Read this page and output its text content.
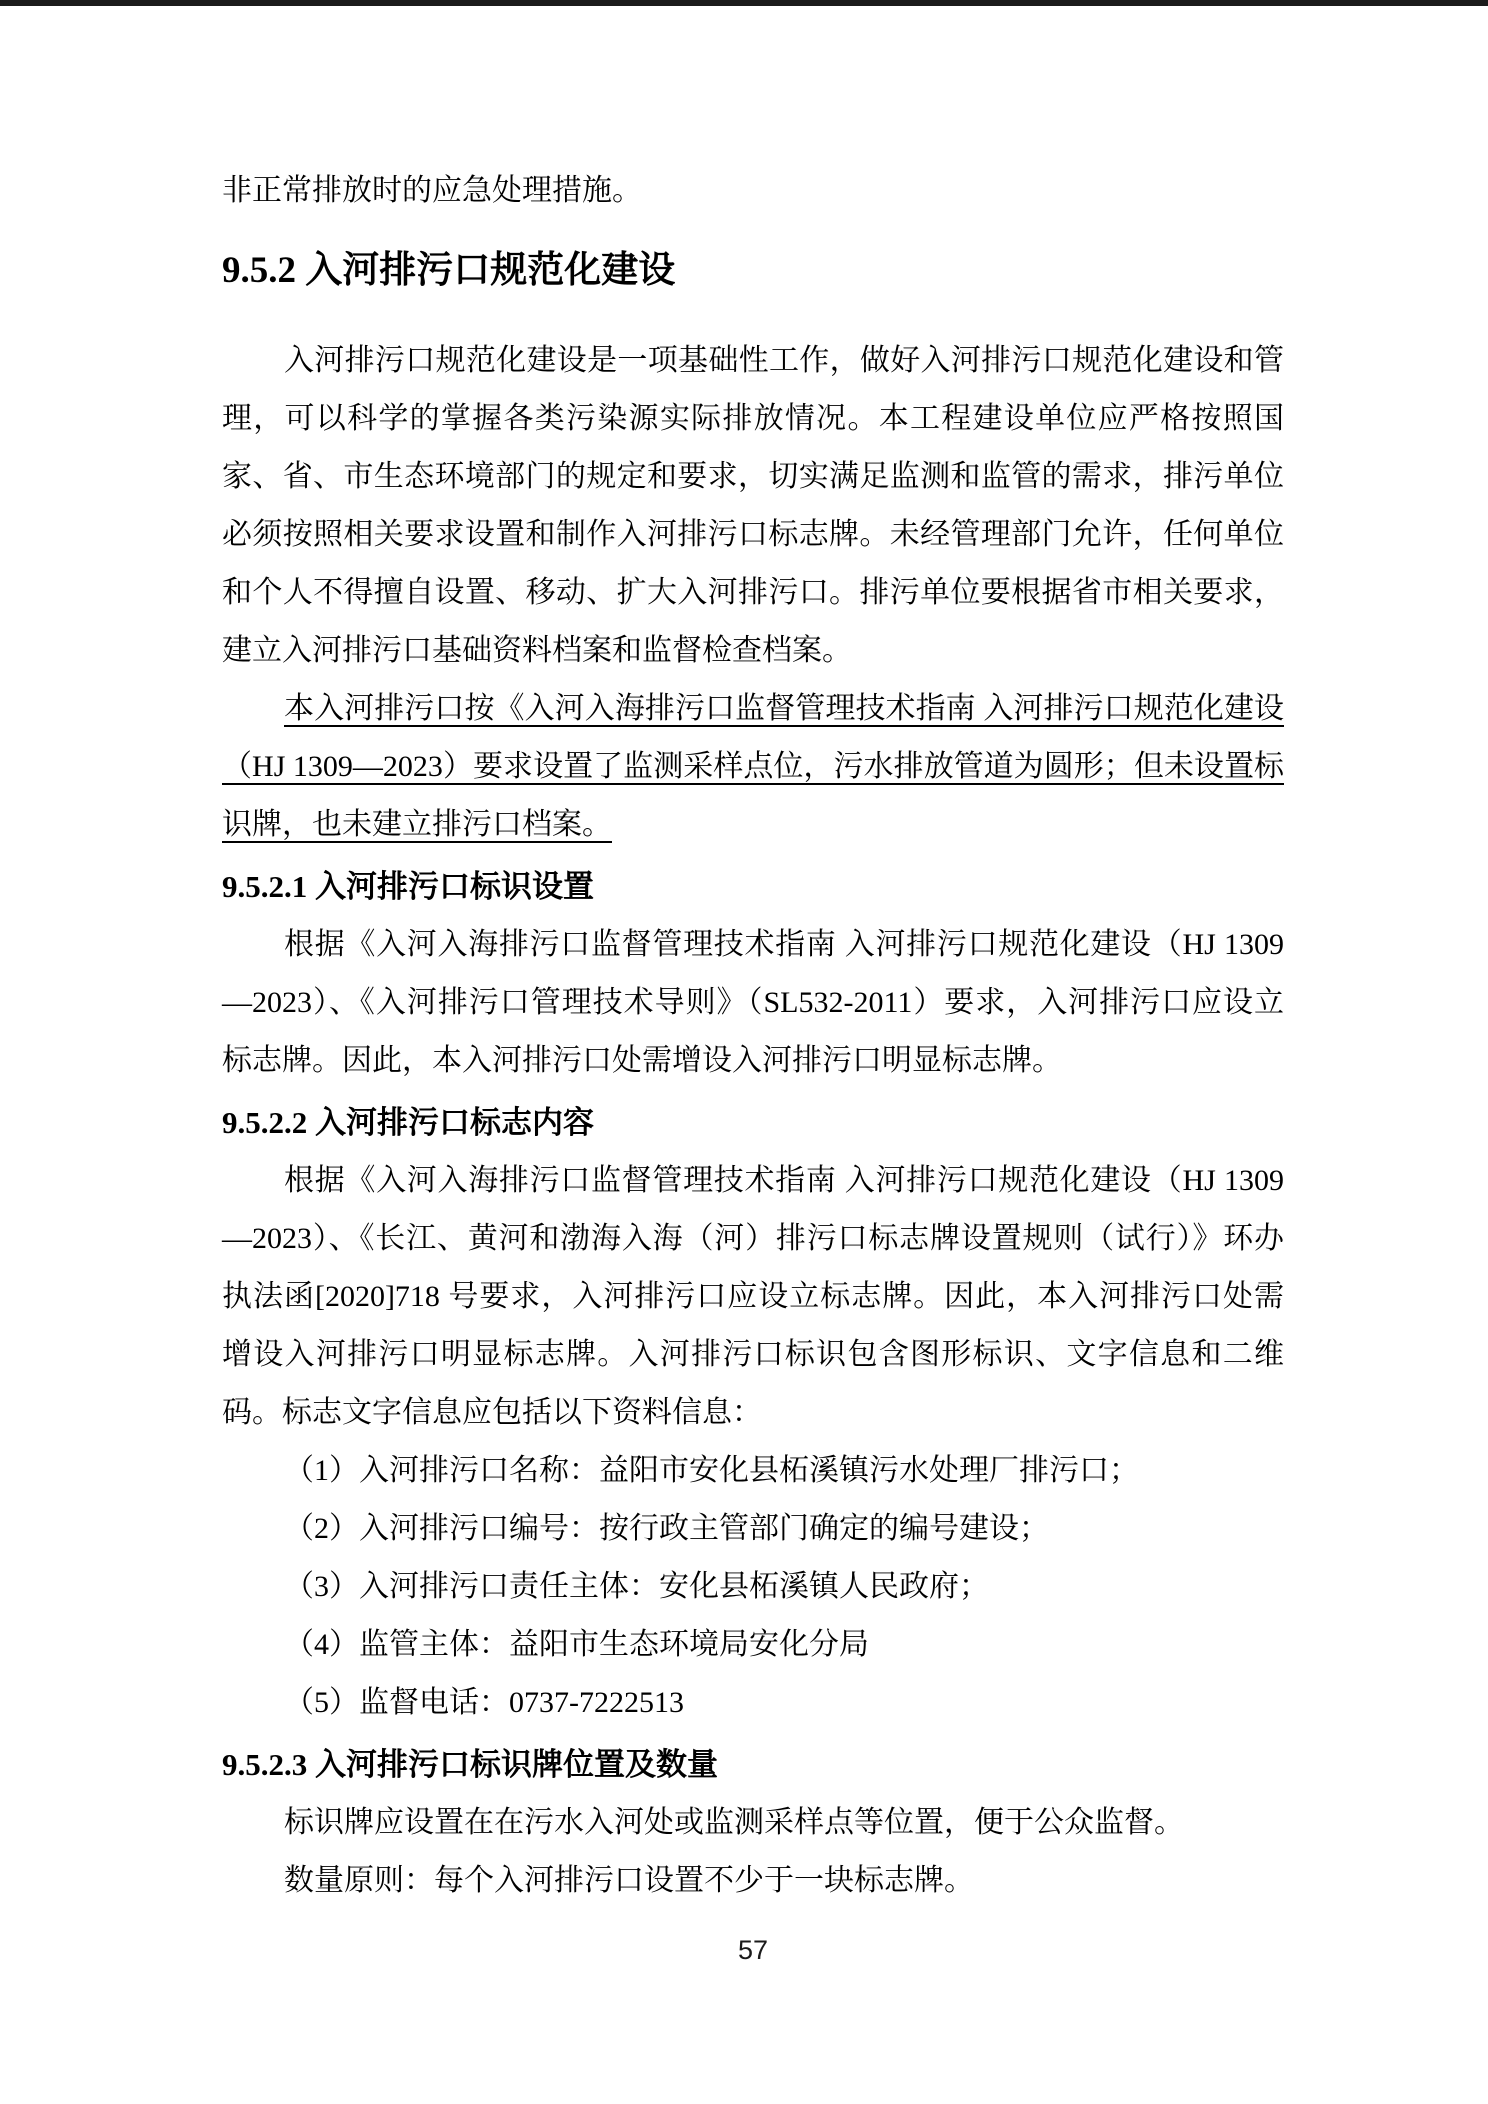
非正常排放时的应急处理措施。

9.5.2 入河排污口规范化建设

入河排污口规范化建设是一项基础性工作，做好入河排污口规范化建设和管理，可以科学的掌握各类污染源实际排放情况。本工程建设单位应严格按照国家、省、市生态环境部门的规定和要求，切实满足监测和监管的需求，排污单位必须按照相关要求设置和制作入河排污口标志牌。未经管理部门允许，任何单位和个人不得擅自设置、移动、扩大入河排污口。排污单位要根据省市相关要求，建立入河排污口基础资料档案和监督检查档案。

本入河排污口按《入河入海排污口监督管理技术指南 入河排污口规范化建设（HJ 1309—2023）要求设置了监测采样点位，污水排放管道为圆形；但未设置标识牌，也未建立排污口档案。

9.5.2.1 入河排污口标识设置

根据《入河入海排污口监督管理技术指南 入河排污口规范化建设（HJ 1309—2023）、《入河排污口管理技术导则》（SL532-2011）要求，入河排污口应设立标志牌。因此，本入河排污口处需增设入河排污口明显标志牌。

9.5.2.2 入河排污口标志内容

根据《入河入海排污口监督管理技术指南 入河排污口规范化建设（HJ 1309—2023）、《长江、黄河和渤海入海（河）排污口标志牌设置规则（试行）》环办执法函[2020]718 号要求，入河排污口应设立标志牌。因此，本入河排污口处需增设入河排污口明显标志牌。入河排污口标识包含图形标识、文字信息和二维码。标志文字信息应包括以下资料信息：

（1）入河排污口名称：益阳市安化县柘溪镇污水处理厂排污口；

（2）入河排污口编号：按行政主管部门确定的编号建设；

（3）入河排污口责任主体：安化县柘溪镇人民政府；

（4）监管主体：益阳市生态环境局安化分局

（5）监督电话：0737-7222513

9.5.2.3 入河排污口标识牌位置及数量

标识牌应设置在在污水入河处或监测采样点等位置，便于公众监督。

数量原则：每个入河排污口设置不少于一块标志牌。

57
